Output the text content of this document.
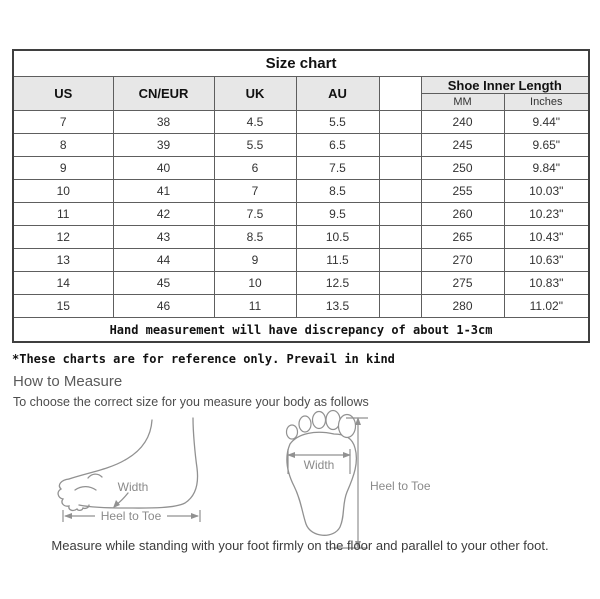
Size chart						
US	CN/EUR	UK	AU		Shoe Inner Length	
					MM	Inches
7	38	4.5	5.5		240	9.44"
8	39	5.5	6.5		245	9.65"
9	40	6	7.5		250	9.84"
10	41	7	8.5		255	10.03"
11	42	7.5	9.5		260	10.23"
12	43	8.5	10.5		265	10.43"
13	44	9	11.5		270	10.63"
14	45	10	12.5		275	10.83"
15	46	11	13.5		280	11.02"
Hand measurement will have discrepancy of about 1-3cm						
*These charts are for reference only. Prevail in kind
How to Measure
To choose the correct size for you measure your body as follows
Width
Heel to Toe
Width
Heel to Toe
Measure while standing with your foot firmly on the floor and parallel to your other foot.
